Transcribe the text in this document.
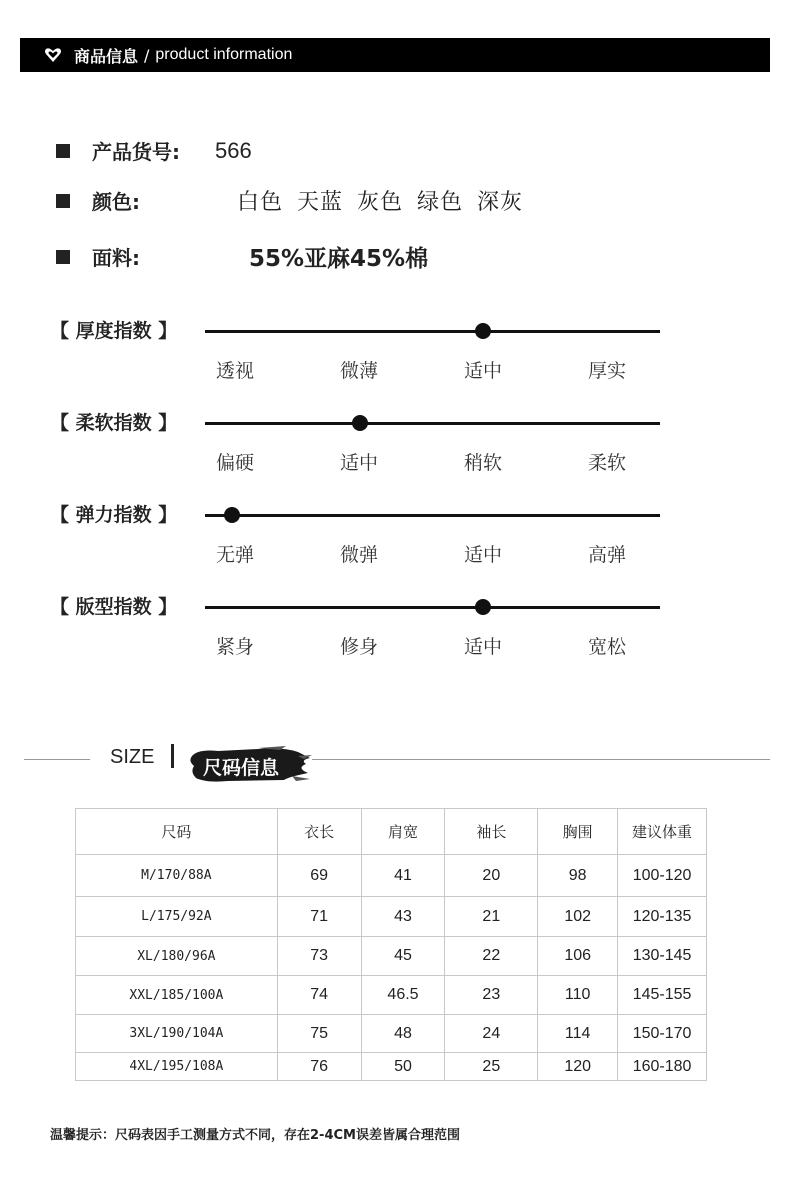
商品信息 / product information
产品货号:	566
颜色:	白色 天蓝 灰色 绿色 深灰
面料:	55%亚麻45%棉
【 厚度指数 】
透视	微薄	适中	厚实
【 柔软指数 】
偏硬	适中	稍软	柔软
【 弹力指数 】
无弹	微弹	适中	高弹
【 版型指数 】
紧身	修身	适中	宽松
SIZE	尺码信息
尺码	衣长	肩宽	袖长	胸围	建议体重
M/170/88A	69	41	20	98	100-120
L/175/92A	71	43	21	102	120-135
XL/180/96A	73	45	22	106	130-145
XXL/185/100A	74	46.5	23	110	145-155
3XL/190/104A	75	48	24	114	150-170
4XL/195/108A	76	50	25	120	160-180
温馨提示：尺码表因手工测量方式不同，存在2-4CM误差皆属合理范围
